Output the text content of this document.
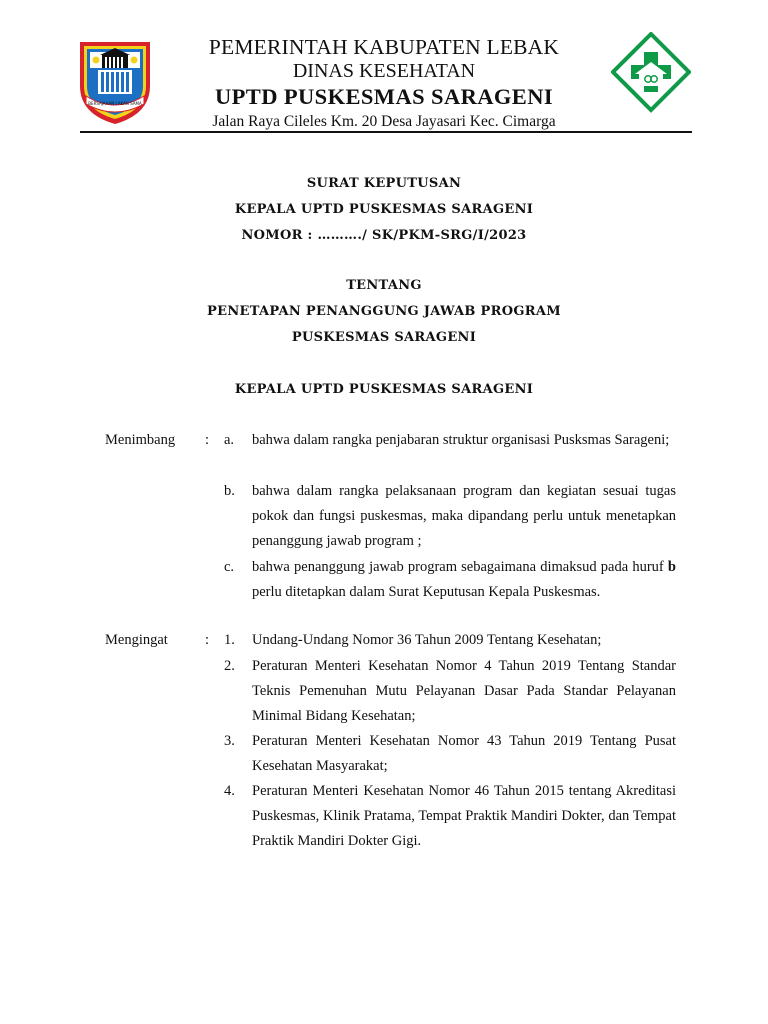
BERSAJAHAN LAKAN SAMA
PEMERINTAH KABUPATEN LEBAK
DINAS KESEHATAN
UPTD PUSKESMAS SARAGENI
Jalan Raya Cileles Km. 20 Desa Jayasari Kec. Cimarga
SURAT KEPUTUSAN
KEPALA UPTD PUSKESMAS SARAGENI
NOMOR : ………./ SK/PKM-SRG/I/2023
TENTANG
PENETAPAN PENANGGUNG JAWAB PROGRAM
PUSKESMAS SARAGENI
KEPALA UPTD PUSKESMAS SARAGENI
Menimbang : a. bahwa dalam rangka penjabaran struktur organisasi Pusksmas Sarageni;
b. bahwa dalam rangka pelaksanaan program dan kegiatan sesuai tugas pokok dan fungsi puskesmas, maka dipandang perlu untuk menetapkan penanggung jawab program ;
c. bahwa penanggung jawab program sebagaimana dimaksud pada huruf b perlu ditetapkan dalam Surat Keputusan Kepala Puskesmas.
Mengingat	: 1. Undang-Undang Nomor 36 Tahun 2009 Tentang Kesehatan;
2. Peraturan Menteri Kesehatan Nomor 4 Tahun 2019 Tentang Standar Teknis Pemenuhan Mutu Pelayanan Dasar Pada Standar Pelayanan Minimal Bidang Kesehatan;
3. Peraturan Menteri Kesehatan Nomor 43 Tahun 2019 Tentang Pusat Kesehatan Masyarakat;
4. Peraturan Menteri Kesehatan Nomor 46 Tahun 2015 tentang Akreditasi Puskesmas, Klinik Pratama, Tempat Praktik Mandiri Dokter, dan Tempat Praktik Mandiri Dokter Gigi.
